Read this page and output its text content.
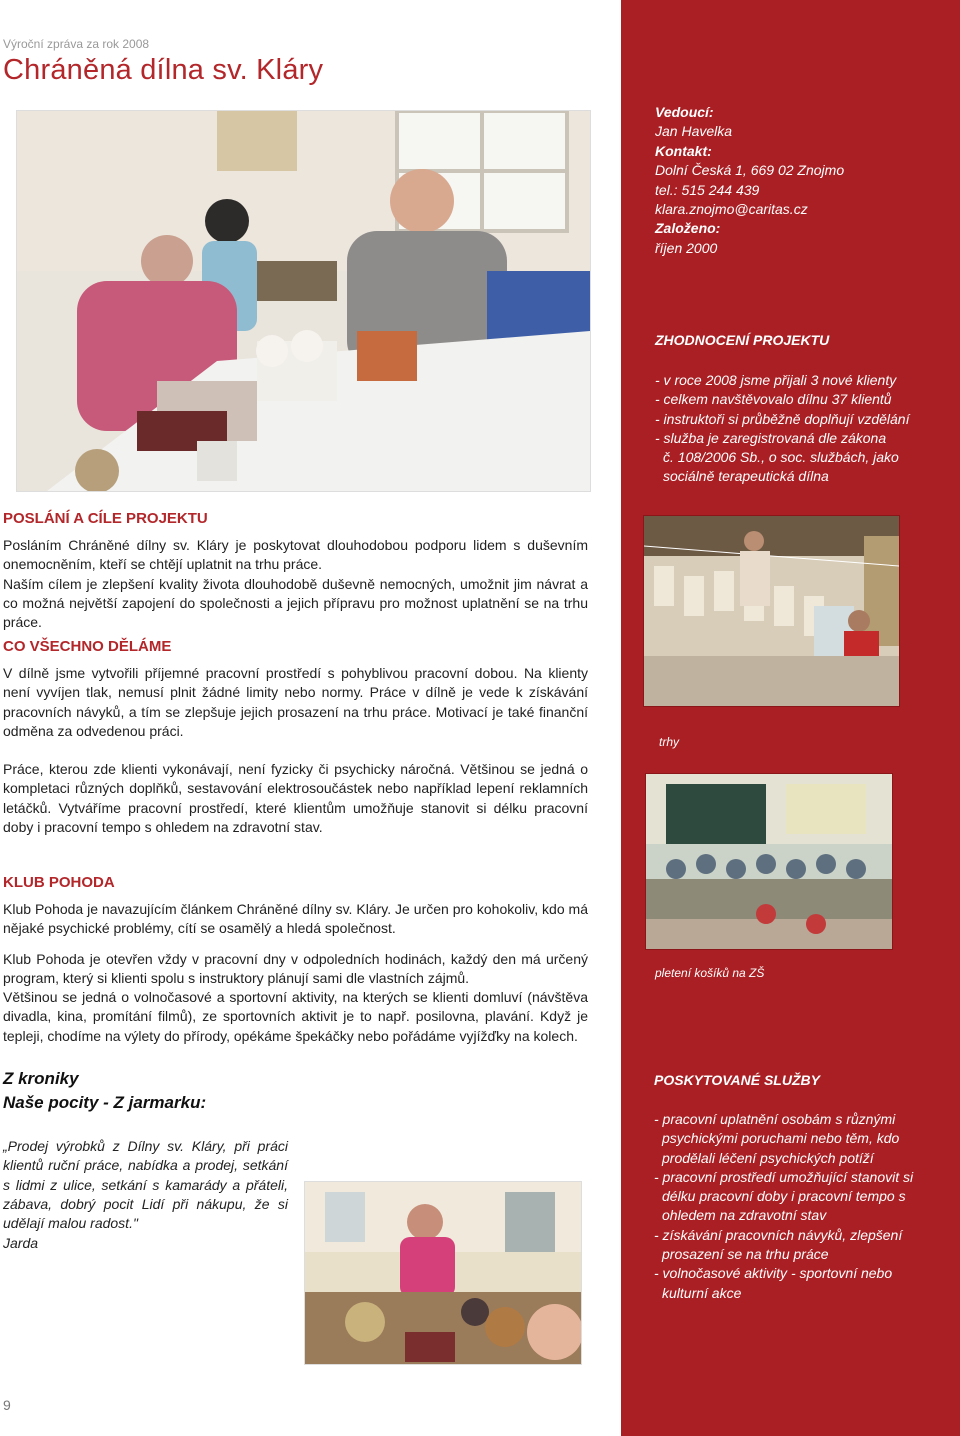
Výroční zpráva za rok 2008
Chráněná dílna sv. Kláry
Vedoucí:
Jan Havelka
Kontakt:
Dolní Česká 1, 669 02 Znojmo
tel.: 515 244 439
klara.znojmo@caritas.cz
Založeno:
říjen 2000
ZHODNOCENÍ PROJEKTU
- v roce 2008 jsme přijali 3 nové klienty
- celkem navštěvovalo dílnu 37 klientů
- instruktoři si průběžně doplňují vzdělání
- služba je zaregistrovaná dle zákona
č. 108/2006 Sb., o soc. službách, jako
sociálně terapeutická dílna
POSLÁNÍ A CÍLE PROJEKTU

Posláním Chráněné dílny sv. Kláry je poskytovat dlouhodobou podporu lidem s duševním onemocněním, kteří se chtějí uplatnit na trhu práce.

Naším cílem je zlepšení kvality života dlouhodobě duševně nemocných, umožnit jim návrat a co možná největší zapojení do společnosti a jejich přípravu pro možnost uplatnění se na trhu práce.

CO VŠECHNO DĚLÁME

V dílně jsme vytvořili příjemné pracovní prostředí s pohyblivou pracovní dobou. Na klienty není vyvíjen tlak, nemusí plnit žádné limity nebo normy. Práce v dílně je vede k získávání pracovních návyků, a tím se zlepšuje jejich prosazení na trhu práce. Motivací je také finanční odměna za odvedenou práci.

Práce, kterou zde klienti vykonávají, není fyzicky či psychicky náročná. Většinou se jedná o kompletaci různých doplňků, sestavování elektrosoučástek nebo například lepení reklamních letáčků. Vytváříme pracovní prostředí, které klientům umožňuje stanovit si délku pracovní doby i pracovní tempo s ohledem na zdravotní stav.

KLUB POHODA

Klub Pohoda je navazujícím článkem Chráněné dílny sv. Kláry. Je určen pro kohokoliv, kdo má nějaké psychické problémy, cítí se osamělý a hledá společnost.

Klub Pohoda je otevřen vždy v pracovní dny v odpoledních hodinách, každý den má určený program, který si klienti spolu s instruktory plánují sami dle vlastních zájmů.

Většinou se jedná o volnočasové a sportovní aktivity, na kterých se klienti domluví (návštěva divadla, kina, promítání filmů), ze sportovních aktivit je to např. posilovna, plavání. Když je tepleji, chodíme na výlety do přírody, opékáme špekáčky nebo pořádáme vyjížďky na kolech.

Z kroniky
Naše pocity - Z jarmarku:
„Prodej výrobků z Dílny sv. Kláry, při práci klientů ruční práce, nabídka a prodej, setkání s lidmi z ulice, setkání s kamarády a přáteli, zábava, dobrý pocit Lidí při nákupu, že si udělají malou radost."
Jarda
trhy
pletení košíků na ZŠ
POSKYTOVANÉ SLUŽBY
- pracovní uplatnění osobám s různými psychickými poruchami nebo těm, kdo prodělali léčení psychických potíží
- pracovní prostředí umožňující stanovit si délku pracovní doby i pracovní tempo s ohledem na zdravotní stav
- získávání pracovních návyků, zlepšení prosazení se na trhu práce
- volnočasové aktivity - sportovní nebo kulturní akce
9
